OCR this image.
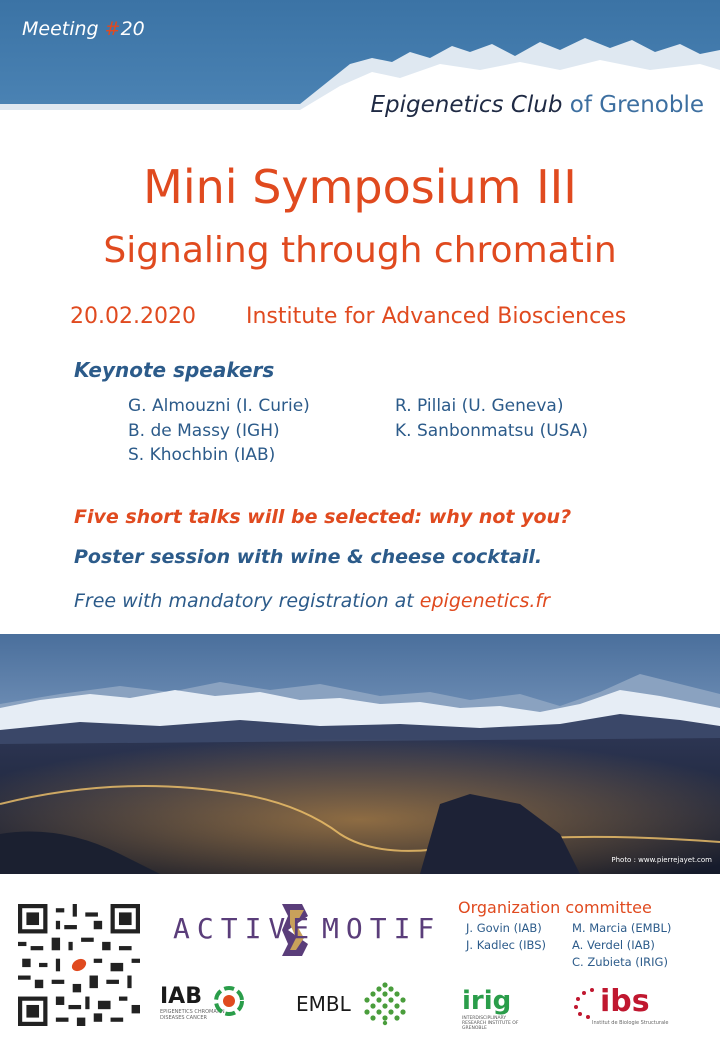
Meeting #20
Epigenetics Club of Grenoble
Mini Symposium III
Signaling through chromatin
20.02.2020 Institute for Advanced Biosciences
Keynote speakers
G. Almouzni (I. Curie)
B. de Massy (IGH)
S. Khochbin (IAB)
R. Pillai (U. Geneva)
K. Sanbonmatsu (USA)
Five short talks will be selected: why not you?
Poster session with wine & cheese cocktail.
Free with mandatory registration at epigenetics.fr
Photo : www.pierrejayet.com
ACTIVE MOTIF
IAB
EPIGENETICS CHROMATIN DISEASES CANCER
EMBL	irig
INTERDISCIPLINARY RESEARCH INSTITUTE OF GRENOBLE
ibs
Institut de Biologie Structurale
Organization committee
J. Govin (IAB)
J. Kadlec (IBS)
M. Marcia (EMBL)
A. Verdel (IAB)
C. Zubieta (IRIG)
